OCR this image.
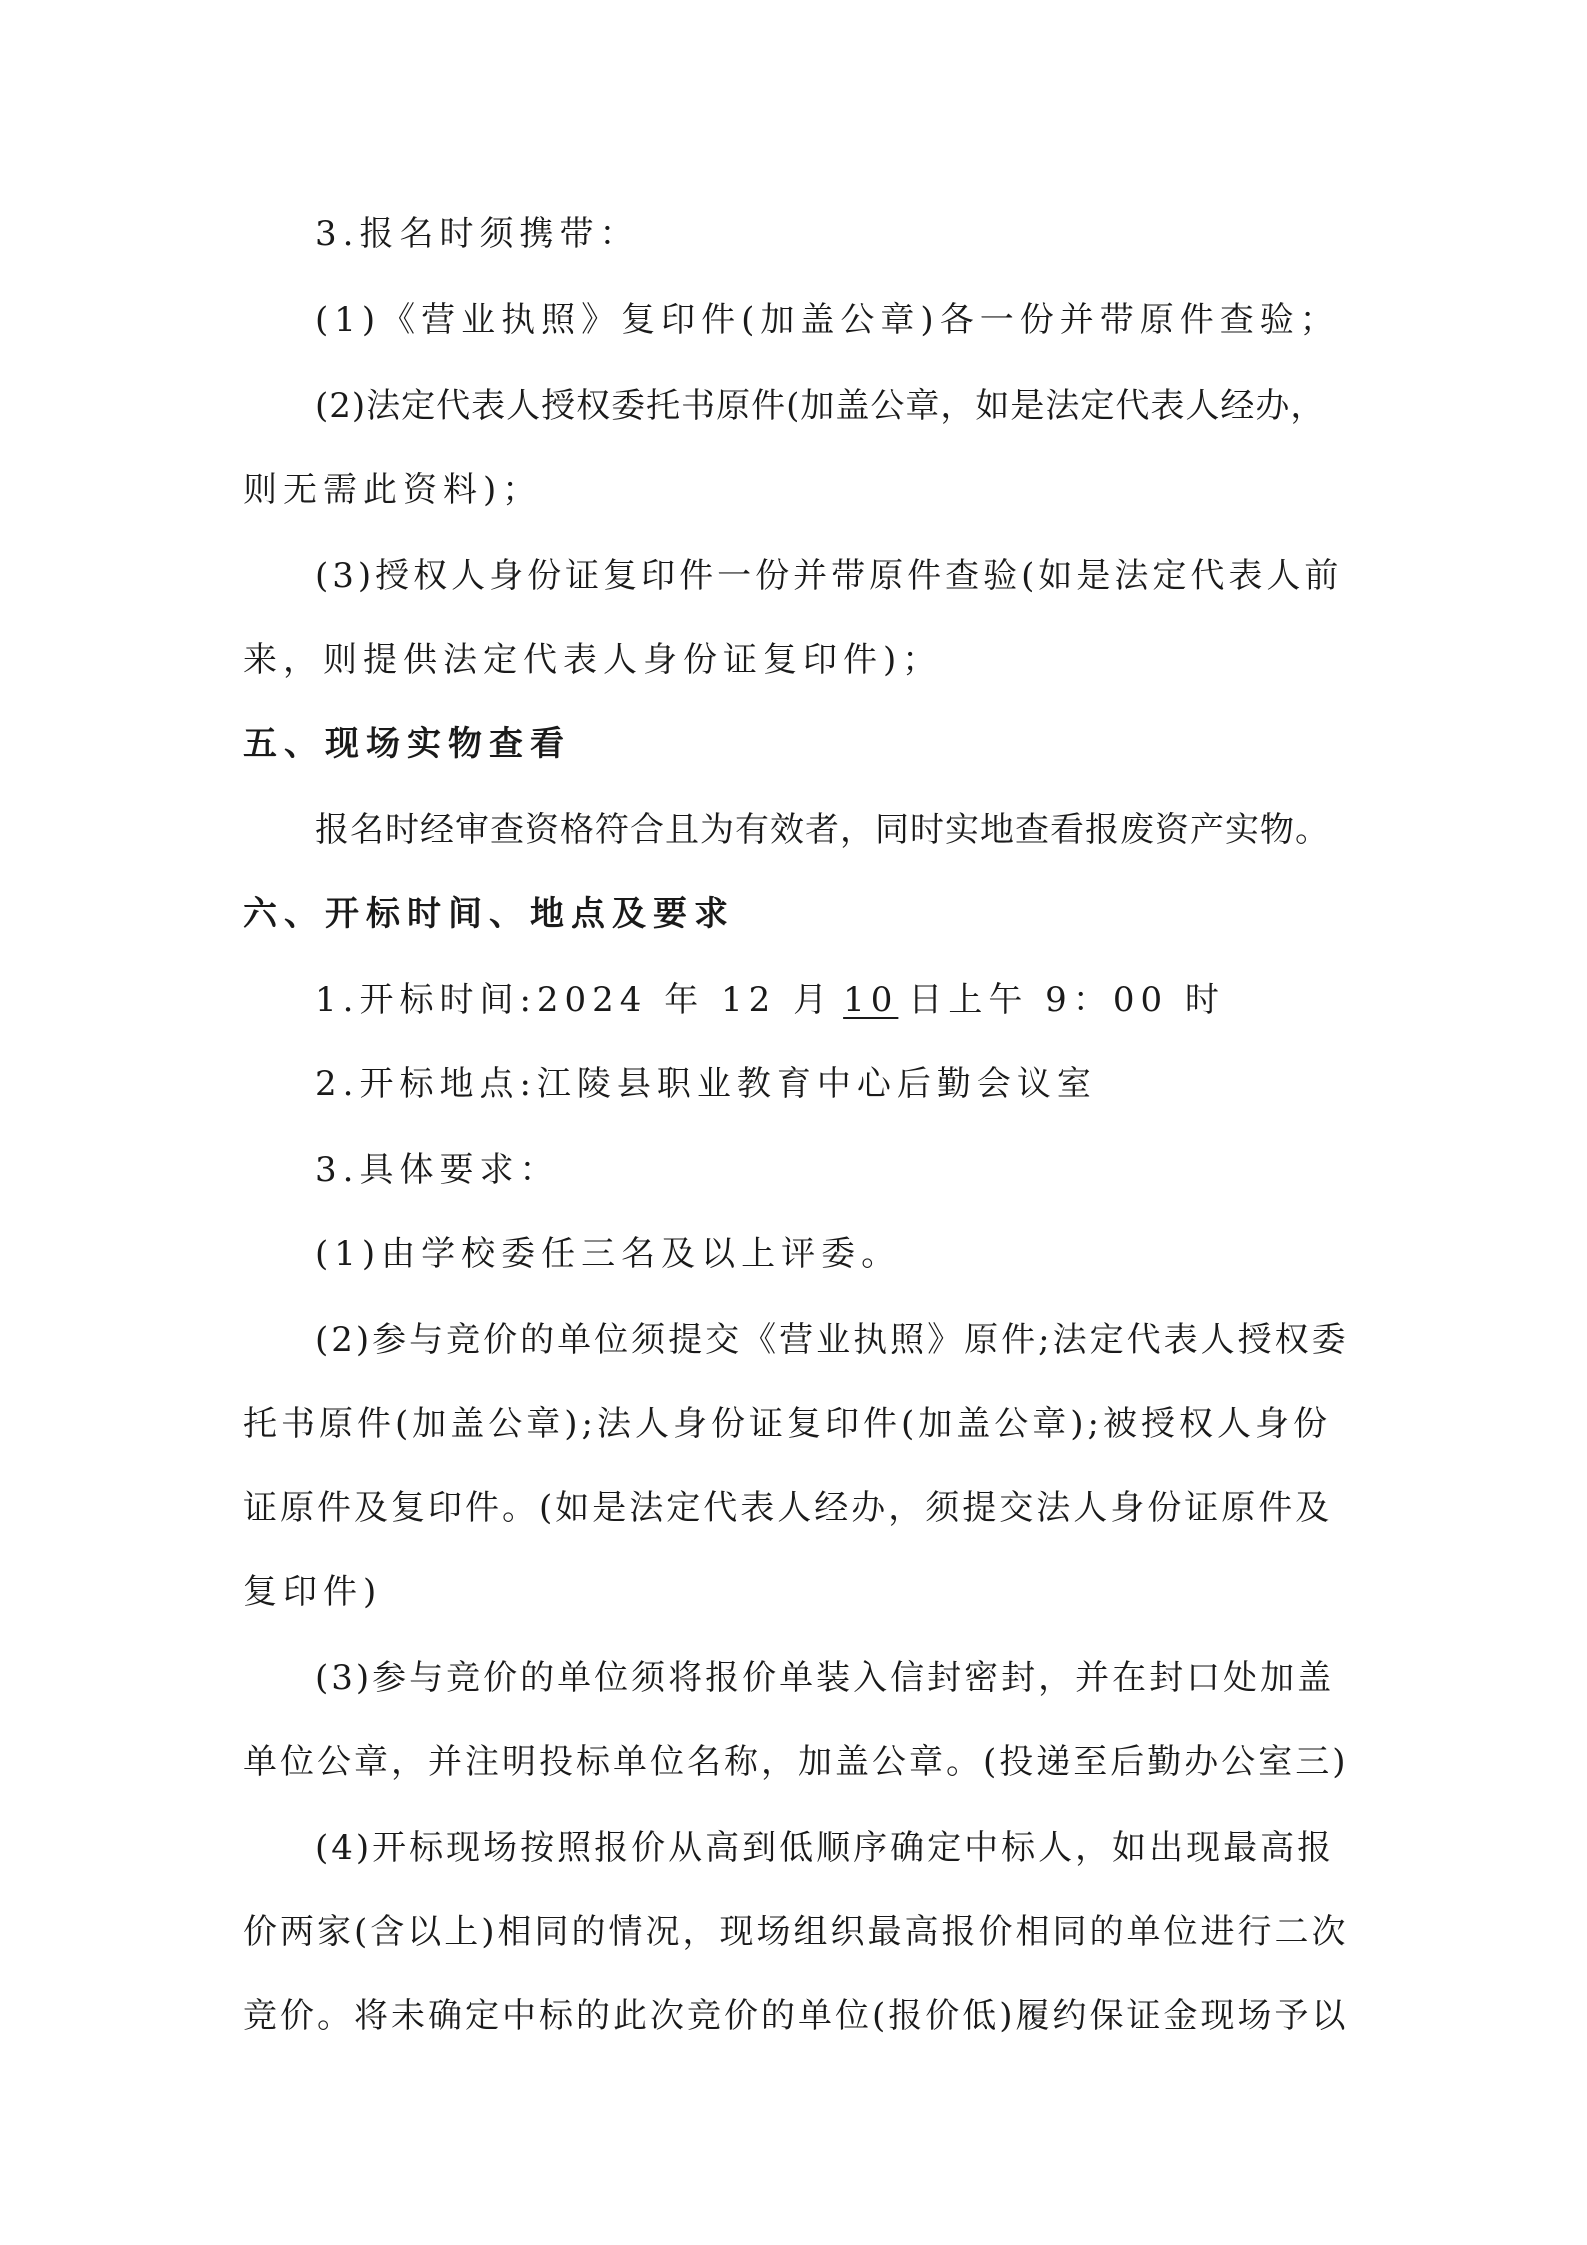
3.报名时须携带：
(1)《营业执照》复印件(加盖公章)各一份并带原件查验；
(2)法定代表人授权委托书原件(加盖公章，如是法定代表人经办，
则无需此资料)；
(3)授权人身份证复印件一份并带原件查验(如是法定代表人前
来，则提供法定代表人身份证复印件)；
五、现场实物查看
报名时经审查资格符合且为有效者，同时实地查看报废资产实物。
六、开标时间、地点及要求
1.开标时间:2024 年 12 月 10 日上午 9：00 时
2.开标地点:江陵县职业教育中心后勤会议室
3.具体要求：
(1)由学校委任三名及以上评委。
(2)参与竞价的单位须提交《营业执照》原件;法定代表人授权委
托书原件(加盖公章);法人身份证复印件(加盖公章);被授权人身份
证原件及复印件。(如是法定代表人经办，须提交法人身份证原件及
复印件)
(3)参与竞价的单位须将报价单装入信封密封，并在封口处加盖
单位公章，并注明投标单位名称，加盖公章。(投递至后勤办公室三)
(4)开标现场按照报价从高到低顺序确定中标人，如出现最高报
价两家(含以上)相同的情况，现场组织最高报价相同的单位进行二次
竞价。将未确定中标的此次竞价的单位(报价低)履约保证金现场予以
